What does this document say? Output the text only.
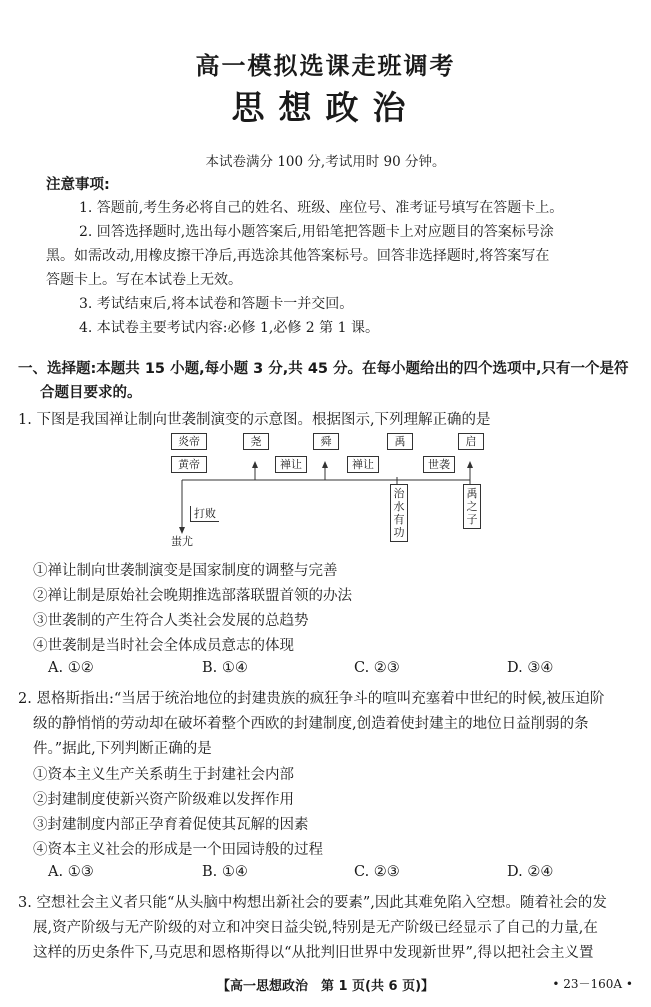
高一模拟选课走班调考
思想政治
本试卷满分 100 分,考试用时 90 分钟。
注意事项:
1. 答题前,考生务必将自己的姓名、班级、座位号、准考证号填写在答题卡上。
2. 回答选择题时,选出每小题答案后,用铅笔把答题卡上对应题目的答案标号涂
黑。如需改动,用橡皮擦干净后,再选涂其他答案标号。回答非选择题时,将答案写在
答题卡上。写在本试卷上无效。
3. 考试结束后,将本试卷和答题卡一并交回。
4. 本试卷主要考试内容:必修 1,必修 2 第 1 课。
一、选择题:本题共 15 小题,每小题 3 分,共 45 分。在每小题给出的四个选项中,只有一个是符
合题目要求的。
1. 下图是我国禅让制向世袭制演变的示意图。根据图示,下列理解正确的是
炎帝	尧	舜	禹	启
黄帝	禅让	禅让	世袭
打败
蚩尤
治水有功
禹之子
①禅让制向世袭制演变是国家制度的调整与完善
②禅让制是原始社会晚期推选部落联盟首领的办法
③世袭制的产生符合人类社会发展的总趋势
④世袭制是当时社会全体成员意志的体现
A. ①②	B. ①④	C. ②③	D. ③④
2. 恩格斯指出:“当居于统治地位的封建贵族的疯狂争斗的喧叫充塞着中世纪的时候,被压迫阶
级的静悄悄的劳动却在破坏着整个西欧的封建制度,创造着使封建主的地位日益削弱的条
件。”据此,下列判断正确的是
①资本主义生产关系萌生于封建社会内部
②封建制度使新兴资产阶级难以发挥作用
③封建制度内部正孕育着促使其瓦解的因素
④资本主义社会的形成是一个田园诗般的过程
A. ①③	B. ①④	C. ②③	D. ②④
3. 空想社会主义者只能“从头脑中构想出新社会的要素”,因此其难免陷入空想。随着社会的发
展,资产阶级与无产阶级的对立和冲突日益尖锐,特别是无产阶级已经显示了自己的力量,在
这样的历史条件下,马克思和恩格斯得以“从批判旧世界中发现新世界”,得以把社会主义置
【高一思想政治　第 1 页(共 6 页)】	• 23－160A •
